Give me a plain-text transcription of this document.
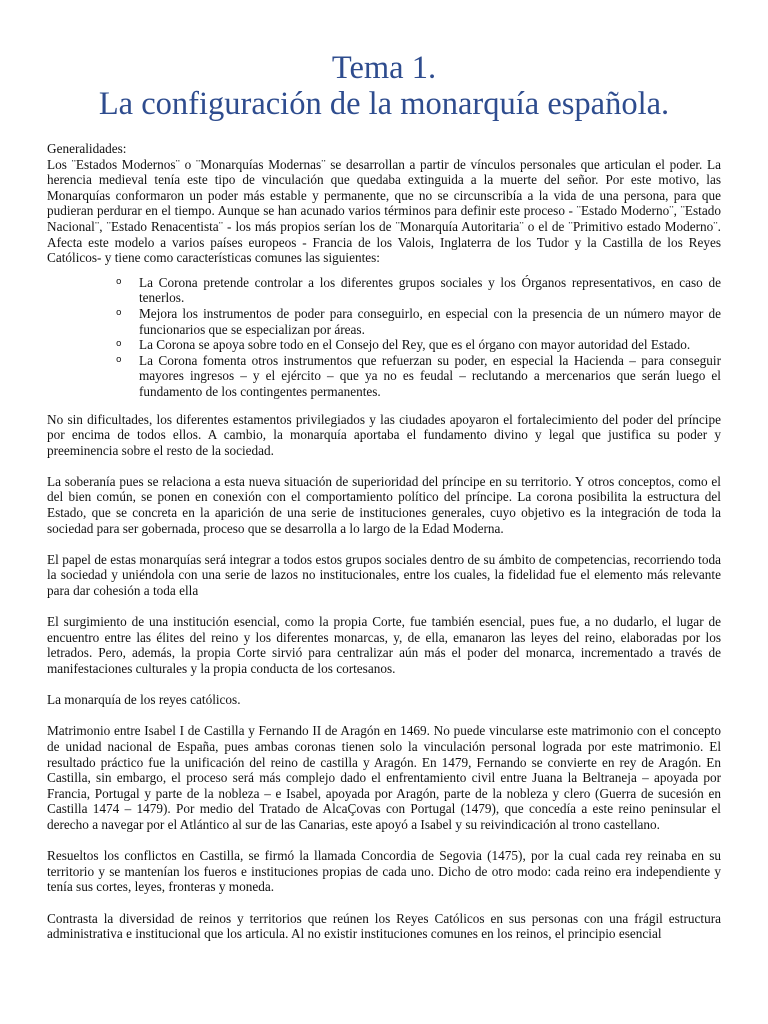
Tema 1.
La configuración de la monarquía española.

Generalidades:

Los ¨Estados Modernos¨ o ¨Monarquías Modernas¨ se desarrollan a partir de vínculos personales que articulan el poder. La herencia medieval tenía este tipo de vinculación que quedaba extinguida a la muerte del señor. Por este motivo, las Monarquías conformaron un poder más estable y permanente, que no se circunscribía a la vida de una persona, para que pudieran perdurar en el tiempo. Aunque se han acunado varios términos para definir este proceso - ¨Estado Moderno¨, ¨Estado Nacional¨, ¨Estado Renacentista¨ - los más propios serían los de ¨Monarquía Autoritaria¨ o el de ¨Primitivo estado Moderno¨. Afecta este modelo a varios países europeos - Francia de los Valois, Inglaterra de los Tudor y la Castilla de los Reyes Católicos- y tiene como características comunes las siguientes:

o La Corona pretende controlar a los diferentes grupos sociales y los Órganos representativos, en caso de tenerlos.
o Mejora los instrumentos de poder para conseguirlo, en especial con la presencia de un número mayor de funcionarios que se especializan por áreas.
o La Corona se apoya sobre todo en el Consejo del Rey, que es el órgano con mayor autoridad del Estado.
o La Corona fomenta otros instrumentos que refuerzan su poder, en especial la Hacienda – para conseguir mayores ingresos – y el ejército – que ya no es feudal – reclutando a mercenarios que serán luego el fundamento de los contingentes permanentes.

No sin dificultades, los diferentes estamentos privilegiados y las ciudades apoyaron el fortalecimiento del poder del príncipe por encima de todos ellos. A cambio, la monarquía aportaba el fundamento divino y legal que justifica su poder y preeminencia sobre el resto de la sociedad.

La soberanía pues se relaciona a esta nueva situación de superioridad del príncipe en su territorio. Y otros conceptos, como el del bien común, se ponen en conexión con el comportamiento político del príncipe. La corona posibilita la estructura del Estado, que se concreta en la aparición de una serie de instituciones generales, cuyo objetivo es la integración de toda la sociedad para ser gobernada, proceso que se desarrolla a lo largo de la Edad Moderna.

El papel de estas monarquías será integrar a todos estos grupos sociales dentro de su ámbito de competencias, recorriendo toda la sociedad y uniéndola con una serie de lazos no institucionales, entre los cuales, la fidelidad fue el elemento más relevante para dar cohesión a toda ella

El surgimiento de una institución esencial, como la propia Corte, fue también esencial, pues fue, a no dudarlo, el lugar de encuentro entre las élites del reino y los diferentes monarcas, y, de ella, emanaron las leyes del reino, elaboradas por los letrados. Pero, además, la propia Corte sirvió para centralizar aún más el poder del monarca, incrementado a través de manifestaciones culturales y la propia conducta de los cortesanos.

La monarquía de los reyes católicos.

Matrimonio entre Isabel I de Castilla y Fernando II de Aragón en 1469. No puede vincularse este matrimonio con el concepto de unidad nacional de España, pues ambas coronas tienen solo la vinculación personal lograda por este matrimonio. El resultado práctico fue la unificación del reino de castilla y Aragón. En 1479, Fernando se convierte en rey de Aragón. En Castilla, sin embargo, el proceso será más complejo dado el enfrentamiento civil entre Juana la Beltraneja – apoyada por Francia, Portugal y parte de la nobleza – e Isabel, apoyada por Aragón, parte de la nobleza y clero (Guerra de sucesión en Castilla 1474 – 1479). Por medio del Tratado de AlcaÇovas con Portugal (1479), que concedía a este reino peninsular el derecho a navegar por el Atlántico al sur de las Canarias, este apoyó a Isabel y su reivindicación al trono castellano.

Resueltos los conflictos en Castilla, se firmó la llamada Concordia de Segovia (1475), por la cual cada rey reinaba en su territorio y se mantenían los fueros e instituciones propias de cada uno. Dicho de otro modo: cada reino era independiente y tenía sus cortes, leyes, fronteras y moneda.

Contrasta la diversidad de reinos y territorios que reúnen los Reyes Católicos en sus personas con una frágil estructura administrativa e institucional que los articula. Al no existir instituciones comunes en los reinos, el principio esencial
